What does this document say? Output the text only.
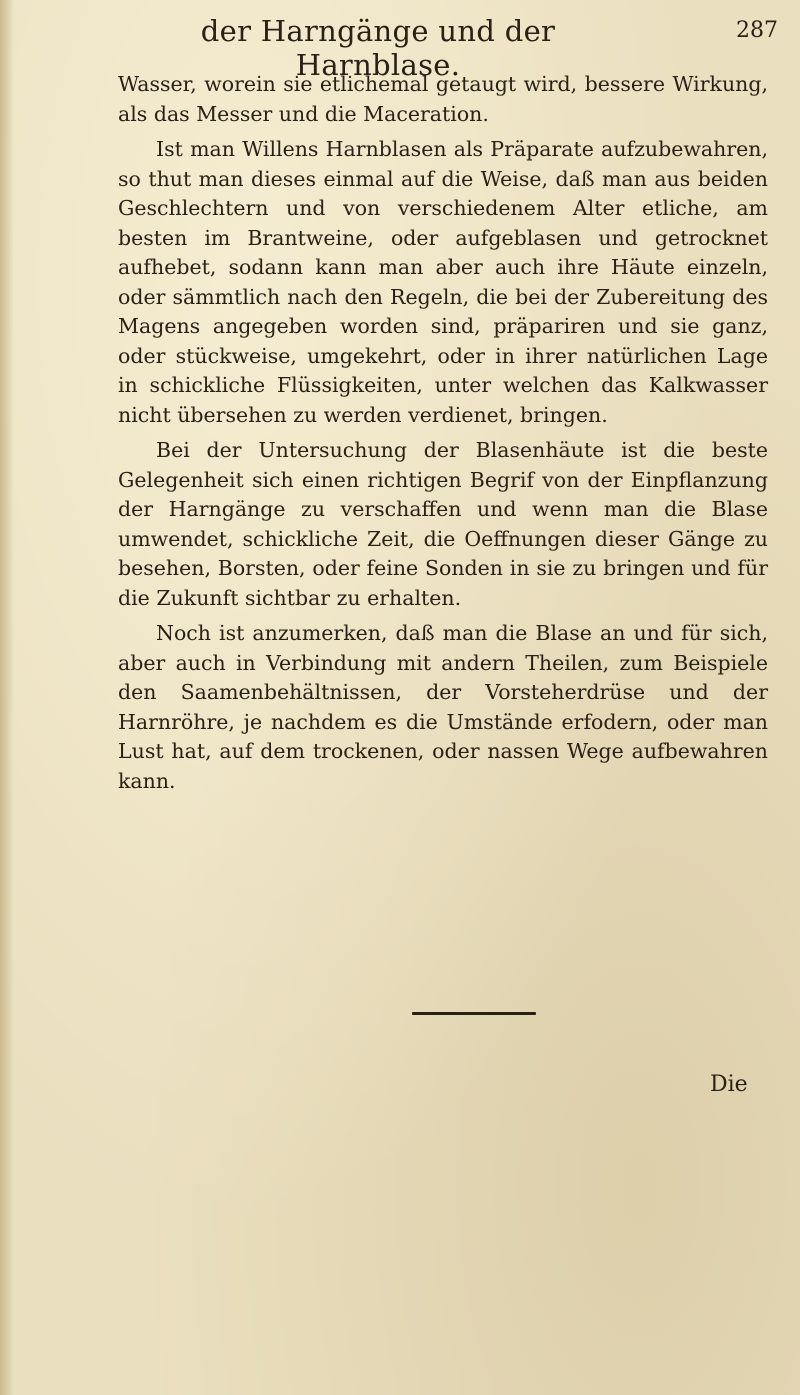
der Harngänge und der Harnblase.
287

Wasser, worein sie etlichemal getaugt wird, bessere Wirkung, als das Messer und die Maceration.

Ist man Willens Harnblasen als Präparate aufzubewahren, so thut man dieses einmal auf die Weise, daß man aus beiden Geschlechtern und von verschiedenem Alter etliche, am besten im Brantweine, oder aufgeblasen und getrocknet aufhebet, sodann kann man aber auch ihre Häute einzeln, oder sämmtlich nach den Regeln, die bei der Zubereitung des Magens angegeben worden sind, präpariren und sie ganz, oder stückweise, umgekehrt, oder in ihrer natürlichen Lage in schickliche Flüssigkeiten, unter welchen das Kalkwasser nicht übersehen zu werden verdienet, bringen.

Bei der Untersuchung der Blasenhäute ist die beste Gelegenheit sich einen richtigen Begrif von der Einpflanzung der Harngänge zu verschaffen und wenn man die Blase umwendet, schickliche Zeit, die Oeffnungen dieser Gänge zu besehen, Borsten, oder feine Sonden in sie zu bringen und für die Zukunft sichtbar zu erhalten.

Noch ist anzumerken, daß man die Blase an und für sich, aber auch in Verbindung mit andern Theilen, zum Beispiele den Saamenbehältnissen, der Vorsteherdrüse und der Harnröhre, je nachdem es die Umstände erfodern, oder man Lust hat, auf dem trockenen, oder nassen Wege aufbewahren kann.

Die
